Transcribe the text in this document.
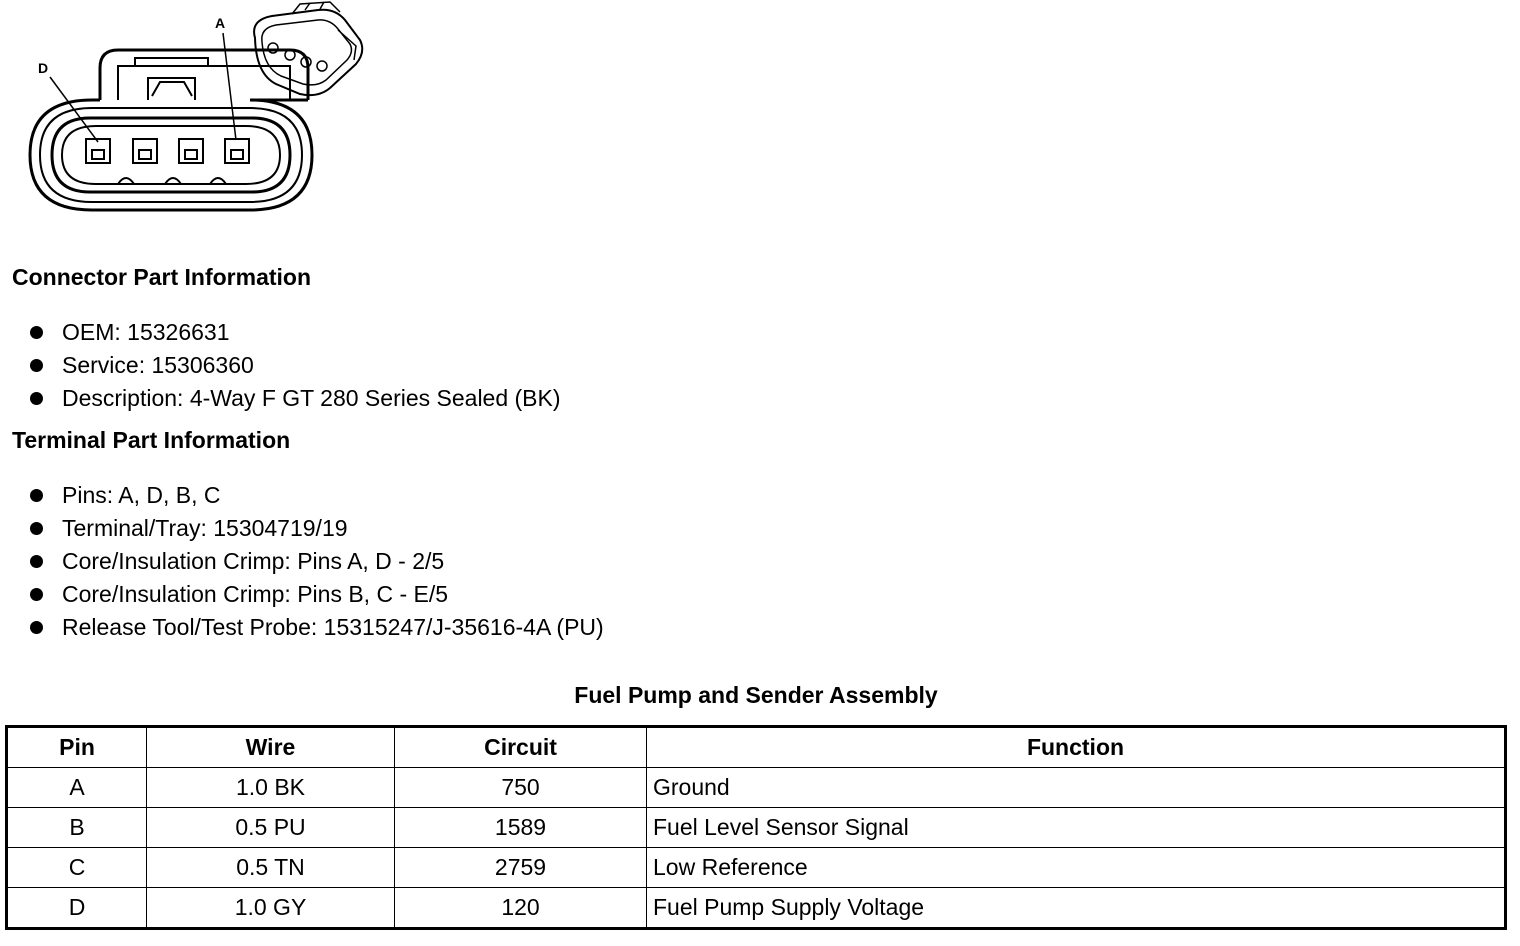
D
A
Connector Part Information
OEM: 15326631
Service: 15306360
Description: 4-Way F GT 280 Series Sealed (BK)
Terminal Part Information
Pins: A, D, B, C
Terminal/Tray: 15304719/19
Core/Insulation Crimp: Pins A, D - 2/5
Core/Insulation Crimp: Pins B, C - E/5
Release Tool/Test Probe: 15315247/J-35616-4A (PU)
Fuel Pump and Sender Assembly
Pin	Wire	Circuit	Function
A	1.0 BK	750	Ground
B	0.5 PU	1589	Fuel Level Sensor Signal
C	0.5 TN	2759	Low Reference
D	1.0 GY	120	Fuel Pump Supply Voltage
